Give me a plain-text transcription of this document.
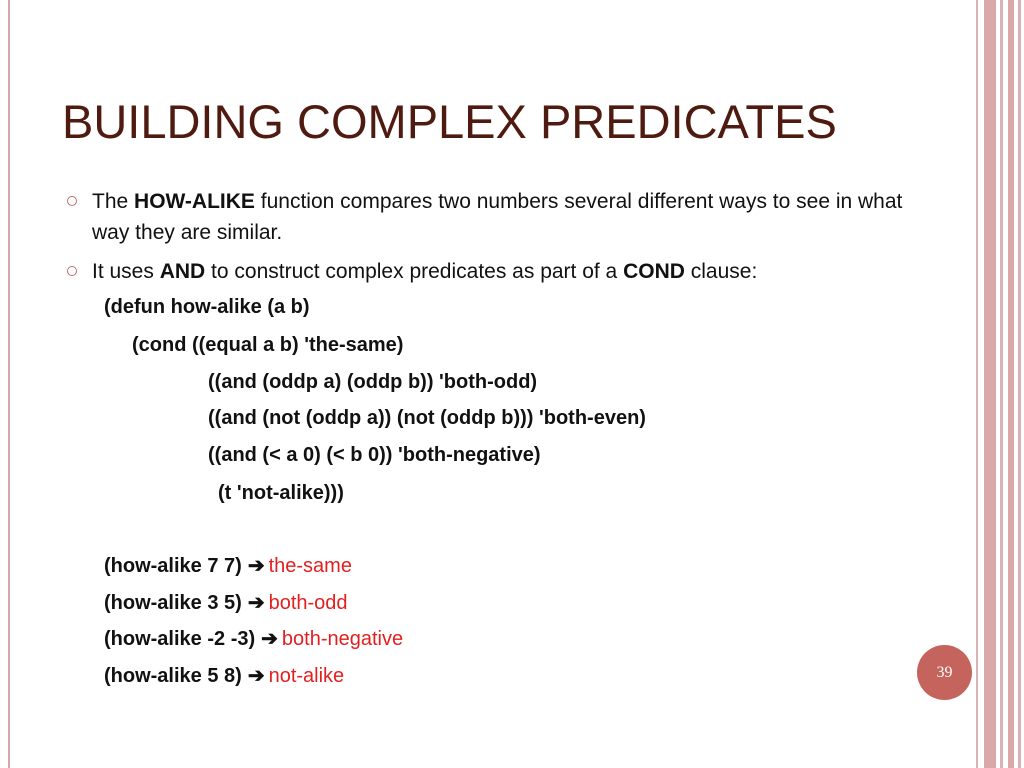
BUILDING COMPLEX PREDICATES
The HOW-ALIKE function compares two numbers several different ways to see in what way they are similar.
It uses AND to construct complex predicates as part of a COND clause:
(defun how-alike (a b)
(cond ((equal a b) 'the-same)
((and (oddp a) (oddp b)) 'both-odd)
((and (not (oddp a)) (not (oddp b))) 'both-even)
((and (< a 0) (< b 0)) 'both-negative)
(t 'not-alike)))
(how-alike 7 7) ➔ the-same
(how-alike 3 5) ➔ both-odd
(how-alike -2 -3) ➔ both-negative
(how-alike 5 8) ➔ not-alike	39
